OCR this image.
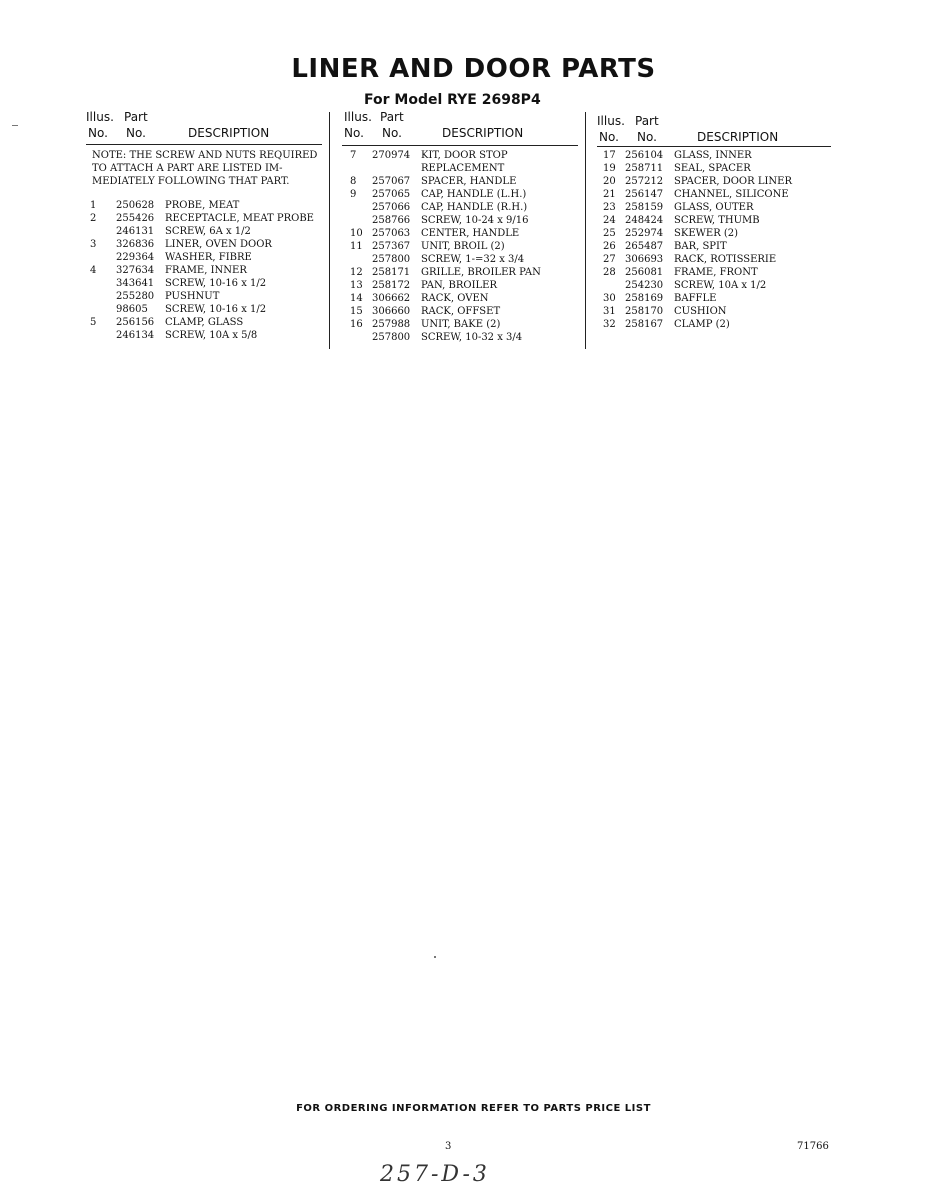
LINER AND DOOR PARTS
For Model RYE 2698P4
Illus. Part
No. No.	DESCRIPTION
NOTE: THE SCREW AND NUTS REQUIRED
TO ATTACH A PART ARE LISTED IM-
MEDIATELY FOLLOWING THAT PART.
1 250628 PROBE, MEAT
2 255426 RECEPTACLE, MEAT PROBE
246131 SCREW, 6A x 1/2
3 326836 LINER, OVEN DOOR
229364 WASHER, FIBRE
4 327634 FRAME, INNER
343641 SCREW, 10-16 x 1/2
255280 PUSHNUT
98605 SCREW, 10-16 x 1/2
5 256156 CLAMP, GLASS
246134 SCREW, 10A x 5/8
Illus. Part
No. No.	DESCRIPTION
7 270974 KIT, DOOR STOP
REPLACEMENT
8 257067 SPACER, HANDLE
9 257065 CAP, HANDLE (L.H.)
257066 CAP, HANDLE (R.H.)
258766 SCREW, 10-24 x 9/16
10 257063 CENTER, HANDLE
11 257367 UNIT, BROIL (2)
257800 SCREW, 1-=32 x 3/4
12 258171 GRILLE, BROILER PAN
13 258172 PAN, BROILER
14 306662 RACK, OVEN
15 306660 RACK, OFFSET
16 257988 UNIT, BAKE (2)
257800 SCREW, 10-32 x 3/4
Illus. Part
No. No.	DESCRIPTION
17 256104 GLASS, INNER
19 258711 SEAL, SPACER
20 257212 SPACER, DOOR LINER
21 256147 CHANNEL, SILICONE
23 258159 GLASS, OUTER
24 248424 SCREW, THUMB
25 252974 SKEWER (2)
26 265487 BAR, SPIT
27 306693 RACK, ROTISSERIE
28 256081 FRAME, FRONT
254230 SCREW, 10A x 1/2
30 258169 BAFFLE
31 258170 CUSHION
32 258167 CLAMP (2)
FOR ORDERING INFORMATION REFER TO PARTS PRICE LIST
3	71766
257-D-3
